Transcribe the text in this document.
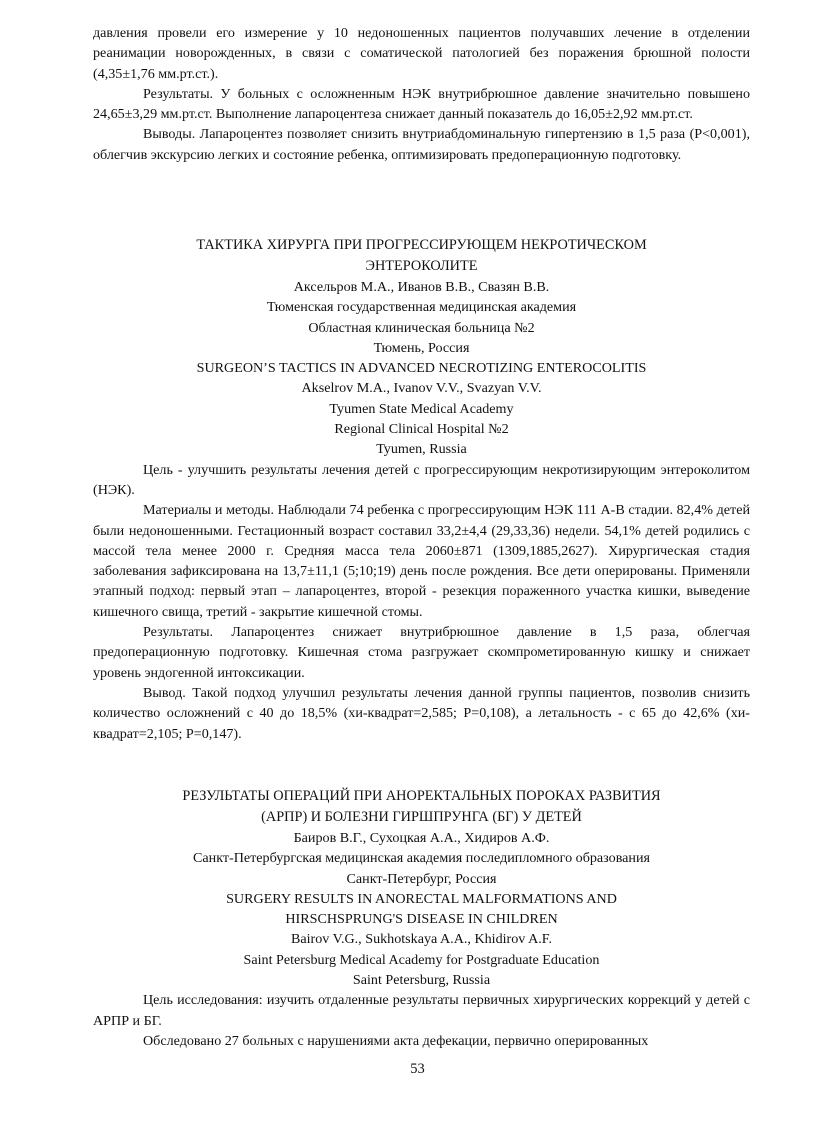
давления провели его измерение у 10 недоношенных пациентов получавших лечение в отделении реанимации новорожденных, в связи с соматической патологией без поражения брюшной полости (4,35±1,76 мм.рт.ст.).

Результаты. У больных с осложненным НЭК внутрибрюшное давление значительно повышено 24,65±3,29 мм.рт.ст. Выполнение лапароцентеза снижает данный показатель до 16,05±2,92 мм.рт.ст.

Выводы. Лапароцентез позволяет снизить внутриабдоминальную гипертензию в 1,5 раза (P<0,001), облегчив экскурсию легких и состояние ребенка, оптимизировать предоперационную подготовку.

ТАКТИКА ХИРУРГА ПРИ ПРОГРЕССИРУЮЩЕМ НЕКРОТИЧЕСКОМ
ЭНТЕРОКОЛИТЕ
Аксельров М.А., Иванов В.В., Свазян В.В.
Тюменская государственная медицинская академия
Областная клиническая больница №2
Тюмень, Россия
SURGEON’S TACTICS IN ADVANCED NECROTIZING ENTEROCOLITIS
Akselrov M.A., Ivanov V.V., Svazyan V.V.
Tyumen State Medical Academy
Regional Clinical Hospital №2
Tyumen, Russia

Цель - улучшить результаты лечения детей с прогрессирующим некротизирующим энтероколитом (НЭК).

Материалы и методы. Наблюдали 74 ребенка с прогрессирующим НЭК 111 А-В стадии. 82,4% детей были недоношенными. Гестационный возраст составил 33,2±4,4 (29,33,36) недели. 54,1% детей родились с массой тела менее 2000 г. Средняя масса тела 2060±871 (1309,1885,2627). Хирургическая стадия заболевания зафиксирована на 13,7±11,1 (5;10;19) день после рождения. Все дети оперированы. Применяли этапный подход: первый этап – лапароцентез, второй - резекция пораженного участка кишки, выведение кишечного свища, третий - закрытие кишечной стомы.

Результаты. Лапароцентез снижает внутрибрюшное давление в 1,5 раза, облегчая предоперационную подготовку. Кишечная стома разгружает скомпрометированную кишку и снижает уровень эндогенной интоксикации.

Вывод. Такой подход улучшил результаты лечения данной группы пациентов, позволив снизить количество осложнений с 40 до 18,5% (хи-квадрат=2,585; P=0,108), а летальность - с 65 до 42,6% (хи-квадрат=2,105; P=0,147).

РЕЗУЛЬТАТЫ ОПЕРАЦИЙ ПРИ АНОРЕКТАЛЬНЫХ ПОРОКАХ РАЗВИТИЯ
(АРПР) И БОЛЕЗНИ ГИРШПРУНГА (БГ) У ДЕТЕЙ
Баиров В.Г., Сухоцкая А.А., Хидиров А.Ф.
Санкт-Петербургская медицинская академия последипломного образования
Санкт-Петербург, Россия
SURGERY RESULTS IN ANORECTAL MALFORMATIONS AND
HIRSCHSPRUNG'S DISEASE IN CHILDREN
Bairov V.G., Sukhotskaya A.A., Khidirov A.F.
Saint Petersburg Medical Academy for Postgraduate Education
Saint Petersburg, Russia

Цель исследования: изучить отдаленные результаты первичных хирургических коррекций у детей с АРПР и БГ.

Обследовано 27 больных с нарушениями акта дефекации, первично оперированных

53
